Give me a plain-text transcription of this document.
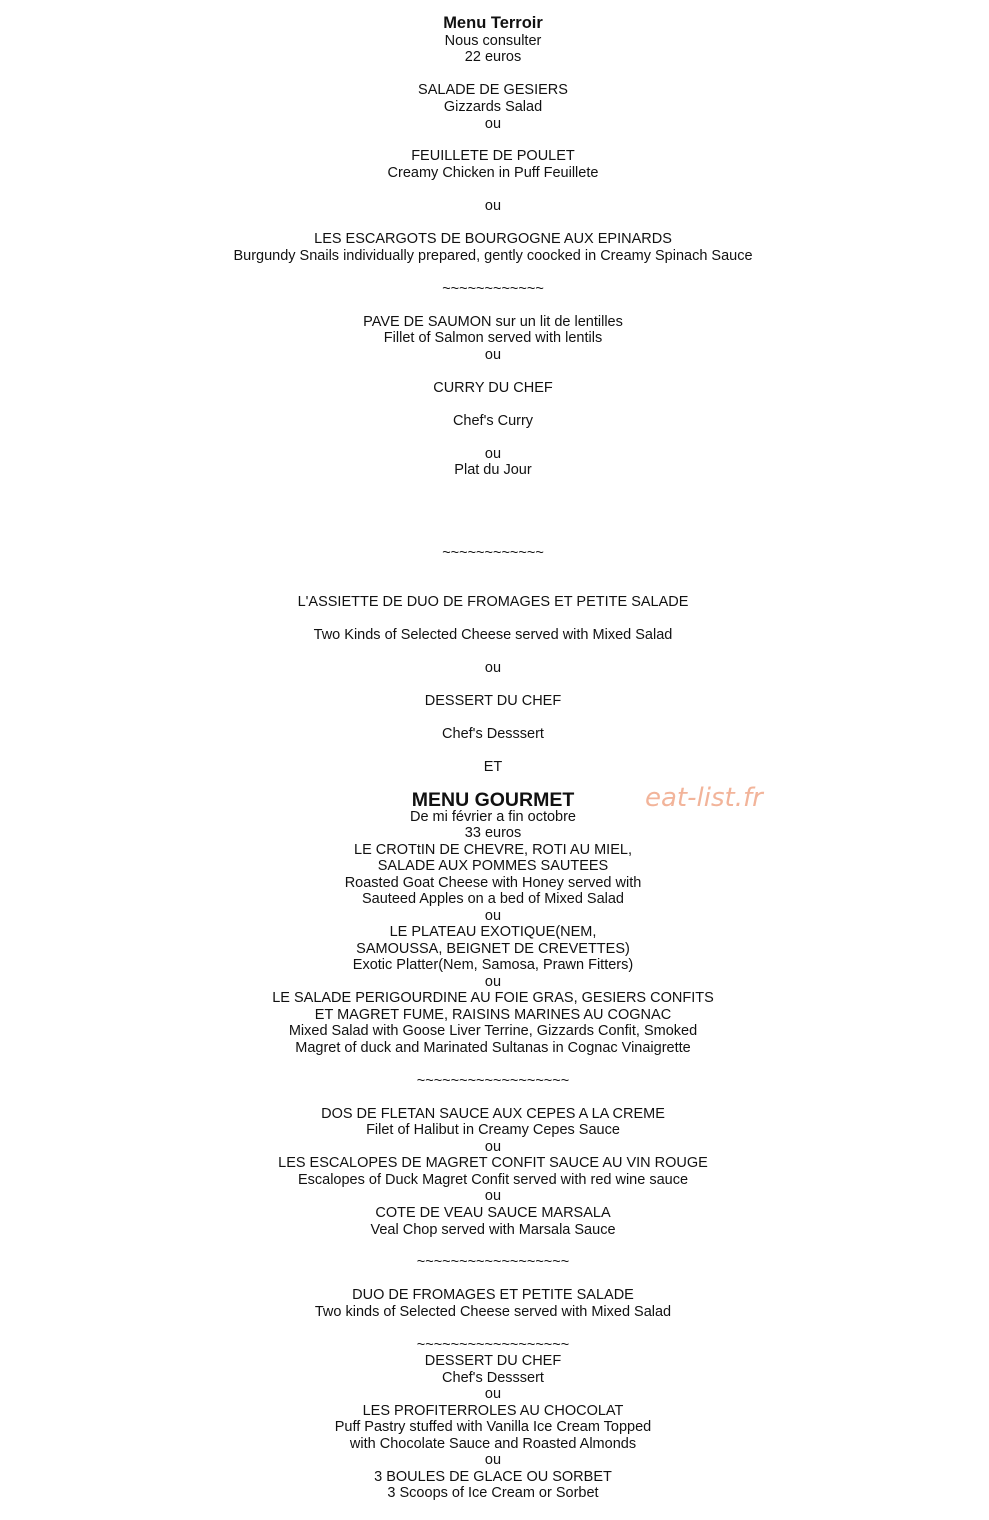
Menu Terroir
Nous consulter
22 euros
SALADE DE GESIERS
Gizzards Salad
ou
FEUILLETE DE POULET
Creamy Chicken in Puff Feuillete
ou
LES ESCARGOTS DE BOURGOGNE AUX EPINARDS
Burgundy Snails individually prepared, gently coocked in Creamy Spinach Sauce
~~~~~~~~~~~~
PAVE DE SAUMON sur un lit de lentilles
Fillet of Salmon served with lentils
ou
CURRY DU CHEF
Chef's Curry
ou
Plat du Jour
~~~~~~~~~~~~
L'ASSIETTE DE DUO DE FROMAGES ET PETITE SALADE
Two Kinds of Selected Cheese served with Mixed Salad
ou
DESSERT DU CHEF
Chef's Desssert
ET
MENU GOURMET	eat-list.fr
De mi février a fin octobre
33 euros
LE CROTtIN DE CHEVRE, ROTI AU MIEL,
SALADE AUX POMMES SAUTEES
Roasted Goat Cheese with Honey served with
Sauteed Apples on a bed of Mixed Salad
ou
LE PLATEAU EXOTIQUE(NEM,
SAMOUSSA, BEIGNET DE CREVETTES)
Exotic Platter(Nem, Samosa, Prawn Fitters)
ou
LE SALADE PERIGOURDINE AU FOIE GRAS, GESIERS CONFITS
ET MAGRET FUME, RAISINS MARINES AU COGNAC
Mixed Salad with Goose Liver Terrine, Gizzards Confit, Smoked
Magret of duck and Marinated Sultanas in Cognac Vinaigrette
~~~~~~~~~~~~~~~~~~
DOS DE FLETAN SAUCE AUX CEPES A LA CREME
Filet of Halibut in Creamy Cepes Sauce
ou
LES ESCALOPES DE MAGRET CONFIT SAUCE AU VIN ROUGE
Escalopes of Duck Magret Confit served with red wine sauce
ou
COTE DE VEAU SAUCE MARSALA
Veal Chop served with Marsala Sauce
~~~~~~~~~~~~~~~~~~
DUO DE FROMAGES ET PETITE SALADE
Two kinds of Selected Cheese served with Mixed Salad
~~~~~~~~~~~~~~~~~~
DESSERT DU CHEF
Chef's Desssert
ou
LES PROFITERROLES AU CHOCOLAT
Puff Pastry stuffed with Vanilla Ice Cream Topped
with Chocolate Sauce and Roasted Almonds
ou
3 BOULES DE GLACE OU SORBET
3 Scoops of Ice Cream or Sorbet
